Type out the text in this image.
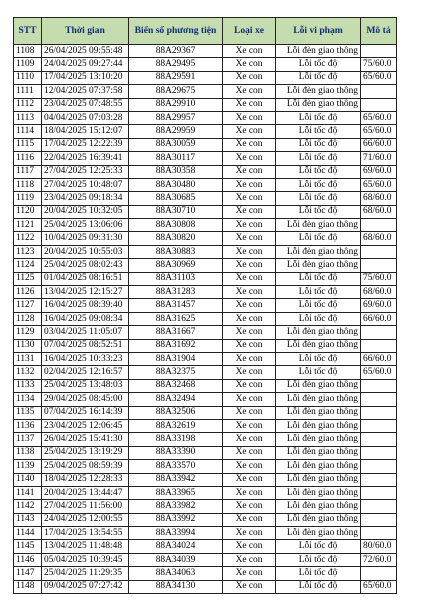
STT	Thời gian	Biển số phương tiện	Loại xe	Lỗi vi phạm	Mô tả
1108	26/04/2025 09:55:48	88A29367	Xe con	Lỗi đèn giao thông	
1109	24/04/2025 09:27:44	88A29495	Xe con	Lỗi tốc độ	75/60.0
1110	17/04/2025 13:10:20	88A29591	Xe con	Lỗi tốc độ	65/60.0
1111	12/04/2025 07:37:58	88A29675	Xe con	Lỗi đèn giao thông	
1112	23/04/2025 07:48:55	88A29910	Xe con	Lỗi đèn giao thông	
1113	04/04/2025 07:03:28	88A29957	Xe con	Lỗi tốc độ	65/60.0
1114	18/04/2025 15:12:07	88A29959	Xe con	Lỗi tốc độ	65/60.0
1115	17/04/2025 12:22:39	88A30059	Xe con	Lỗi tốc độ	66/60.0
1116	22/04/2025 16:39:41	88A30117	Xe con	Lỗi tốc độ	71/60.0
1117	27/04/2025 12:25:33	88A30358	Xe con	Lỗi tốc độ	69/60.0
1118	27/04/2025 10:48:07	88A30480	Xe con	Lỗi tốc độ	65/60.0
1119	23/04/2025 09:18:34	88A30685	Xe con	Lỗi tốc độ	68/60.0
1120	20/04/2025 10:32:05	88A30710	Xe con	Lỗi tốc độ	68/60.0
1121	25/04/2025 13:06:06	88A30808	Xe con	Lỗi đèn giao thông	
1122	10/04/2025 09:31:30	88A30820	Xe con	Lỗi tốc độ	68/60.0
1123	20/04/2025 10:55:03	88A30883	Xe con	Lỗi đèn giao thông	
1124	25/04/2025 08:02:43	88A30969	Xe con	Lỗi đèn giao thông	
1125	01/04/2025 08:16:51	88A31103	Xe con	Lỗi tốc độ	75/60.0
1126	13/04/2025 12:15:27	88A31283	Xe con	Lỗi tốc độ	68/60.0
1127	16/04/2025 08:39:40	88A31457	Xe con	Lỗi tốc độ	69/60.0
1128	16/04/2025 09:08:34	88A31625	Xe con	Lỗi tốc độ	66/60.0
1129	03/04/2025 11:05:07	88A31667	Xe con	Lỗi đèn giao thông	
1130	07/04/2025 08:52:51	88A31692	Xe con	Lỗi đèn giao thông	
1131	16/04/2025 10:33:23	88A31904	Xe con	Lỗi tốc độ	66/60.0
1132	02/04/2025 12:16:57	88A32375	Xe con	Lỗi tốc độ	65/60.0
1133	25/04/2025 13:48:03	88A32468	Xe con	Lỗi đèn giao thông	
1134	29/04/2025 08:45:00	88A32494	Xe con	Lỗi đèn giao thông	
1135	07/04/2025 16:14:39	88A32506	Xe con	Lỗi đèn giao thông	
1136	23/04/2025 12:06:45	88A32619	Xe con	Lỗi đèn giao thông	
1137	26/04/2025 15:41:30	88A33198	Xe con	Lỗi đèn giao thông	
1138	25/04/2025 13:19:29	88A33390	Xe con	Lỗi đèn giao thông	
1139	25/04/2025 08:59:39	88A33570	Xe con	Lỗi đèn giao thông	
1140	18/04/2025 12:28:33	88A33942	Xe con	Lỗi đèn giao thông	
1141	20/04/2025 13:44:47	88A33965	Xe con	Lỗi đèn giao thông	
1142	27/04/2025 11:56:00	88A33982	Xe con	Lỗi đèn giao thông	
1143	24/04/2025 12:00:55	88A33992	Xe con	Lỗi đèn giao thông	
1144	17/04/2025 13:54:55	88A33994	Xe con	Lỗi đèn giao thông	
1145	13/04/2025 11:48:48	88A34024	Xe con	Lỗi tốc độ	80/60.0
1146	05/04/2025 10:39:45	88A34039	Xe con	Lỗi tốc độ	72/60.0
1147	25/04/2025 11:29:35	88A34063	Xe con	Lỗi tốc độ	
1148	09/04/2025 07:27:42	88A34130	Xe con	Lỗi tốc độ	65/60.0
